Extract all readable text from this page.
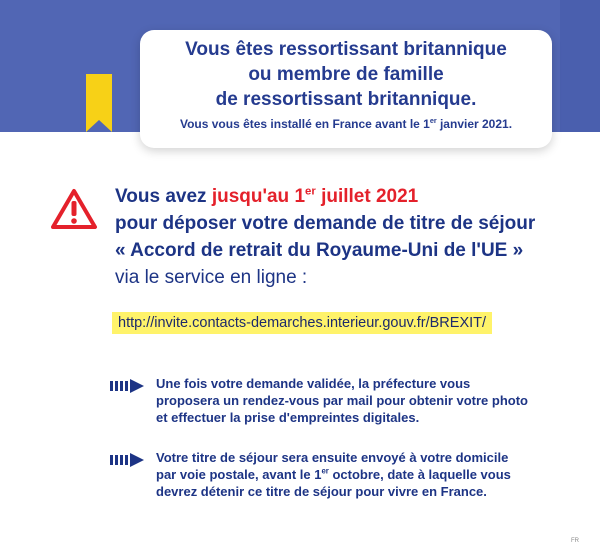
Vous êtes ressortissant britannique
ou membre de famille
de ressortissant britannique.
Vous vous êtes installé en France avant le 1er janvier 2021.
Vous avez jusqu'au 1er juillet 2021
pour déposer votre demande de titre de séjour
« Accord de retrait du Royaume-Uni de l'UE »
via le service en ligne :
http://invite.contacts-demarches.interieur.gouv.fr/BREXIT/
Une fois votre demande validée, la préfecture vous
proposera un rendez-vous par mail pour obtenir votre photo
et effectuer la prise d'empreintes digitales.
Votre titre de séjour sera ensuite envoyé à votre domicile
par voie postale, avant le 1er octobre, date à laquelle vous
devrez détenir ce titre de séjour pour vivre en France.
FR
